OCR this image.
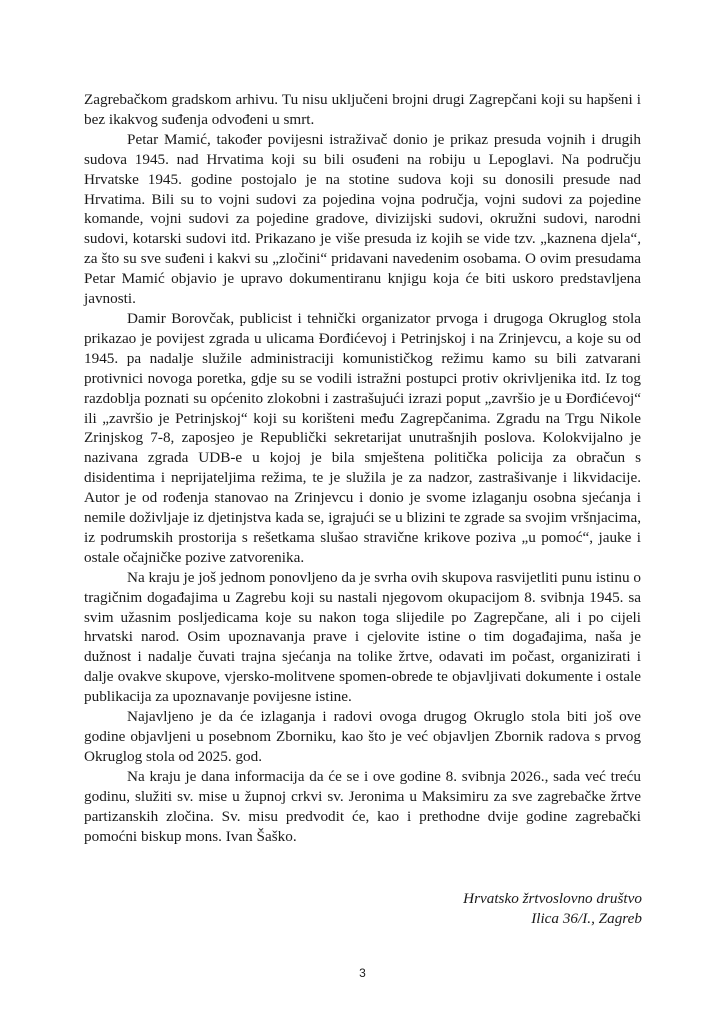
Zagrebačkom gradskom arhivu. Tu nisu uključeni brojni drugi Zagrepčani koji su hapšeni i bez ikakvog suđenja odvođeni u smrt.

Petar Mamić, također povijesni istraživač donio je prikaz presuda vojnih i drugih sudova 1945. nad Hrvatima koji su bili osuđeni na robiju u Lepoglavi. Na području Hrvatske 1945. godine postojalo je na stotine sudova koji su donosili presude nad Hrvatima. Bili su to vojni sudovi za pojedina vojna područja, vojni sudovi za pojedine komande, vojni sudovi za pojedine gradove, divizijski sudovi, okružni sudovi, narodni sudovi, kotarski sudovi itd. Prikazano je više presuda iz kojih se vide tzv. „kaznena djela“, za što su sve suđeni i kakvi su „zločini“ pridavani navedenim osobama. O ovim presudama Petar Mamić objavio je upravo dokumentiranu knjigu koja će biti uskoro predstavljena javnosti.

Damir Borovčak, publicist i tehnički organizator prvoga i drugoga Okruglog stola prikazao je povijest zgrada u ulicama Đorđićevoj i Petrinjskoj i na Zrinjevcu, a koje su od 1945. pa nadalje služile administraciji komunističkog režimu kamo su bili zatvarani protivnici novoga poretka, gdje su se vodili istražni postupci protiv okrivljenika itd. Iz tog razdoblja poznati su općenito zlokobni i zastrašujući izrazi poput „završio je u Đorđićevoj“ ili „završio je Petrinjskoj“ koji su korišteni među Zagrepčanima. Zgradu na Trgu Nikole Zrinjskog 7-8, zaposjeo je Republički sekretarijat unutrašnjih poslova. Kolokvijalno je nazivana zgrada UDB-e u kojoj je bila smještena politička policija za obračun s disidentima i neprijateljima režima, te je služila je za nadzor, zastrašivanje i likvidacije. Autor je od rođenja stanovao na Zrinjevcu i donio je svome izlaganju osobna sjećanja i nemile doživljaje iz djetinjstva kada se, igrajući se u blizini te zgrade sa svojim vršnjacima, iz podrumskih prostorija s rešetkama slušao stravične krikove poziva „u pomoć“, jauke i ostale očajničke pozive zatvorenika.

Na kraju je još jednom ponovljeno da je svrha ovih skupova rasvijetliti punu istinu o tragičnim događajima u Zagrebu koji su nastali njegovom okupacijom 8. svibnja 1945. sa svim užasnim posljedicama koje su nakon toga slijedile po Zagrepčane, ali i po cijeli hrvatski narod. Osim upoznavanja prave i cjelovite istine o tim događajima, naša je dužnost i nadalje čuvati trajna sjećanja na tolike žrtve, odavati im počast, organizirati i dalje ovakve skupove, vjersko-molitvene spomen-obrede te objavljivati dokumente i ostale publikacija za upoznavanje povijesne istine.

Najavljeno je da će izlaganja i radovi ovoga drugog Okruglo stola biti još ove godine objavljeni u posebnom Zborniku, kao što je već objavljen Zbornik radova s prvog Okruglog stola od 2025. god.

Na kraju je dana informacija da će se i ove godine 8. svibnja 2026., sada već treću godinu, služiti sv. mise u župnoj crkvi sv. Jeronima u Maksimiru za sve zagrebačke žrtve partizanskih zločina. Sv. misu predvodit će, kao i prethodne dvije godine zagrebački pomoćni biskup mons. Ivan Šaško.

Hrvatsko žrtvoslovno društvo
Ilica 36/I., Zagreb
3
